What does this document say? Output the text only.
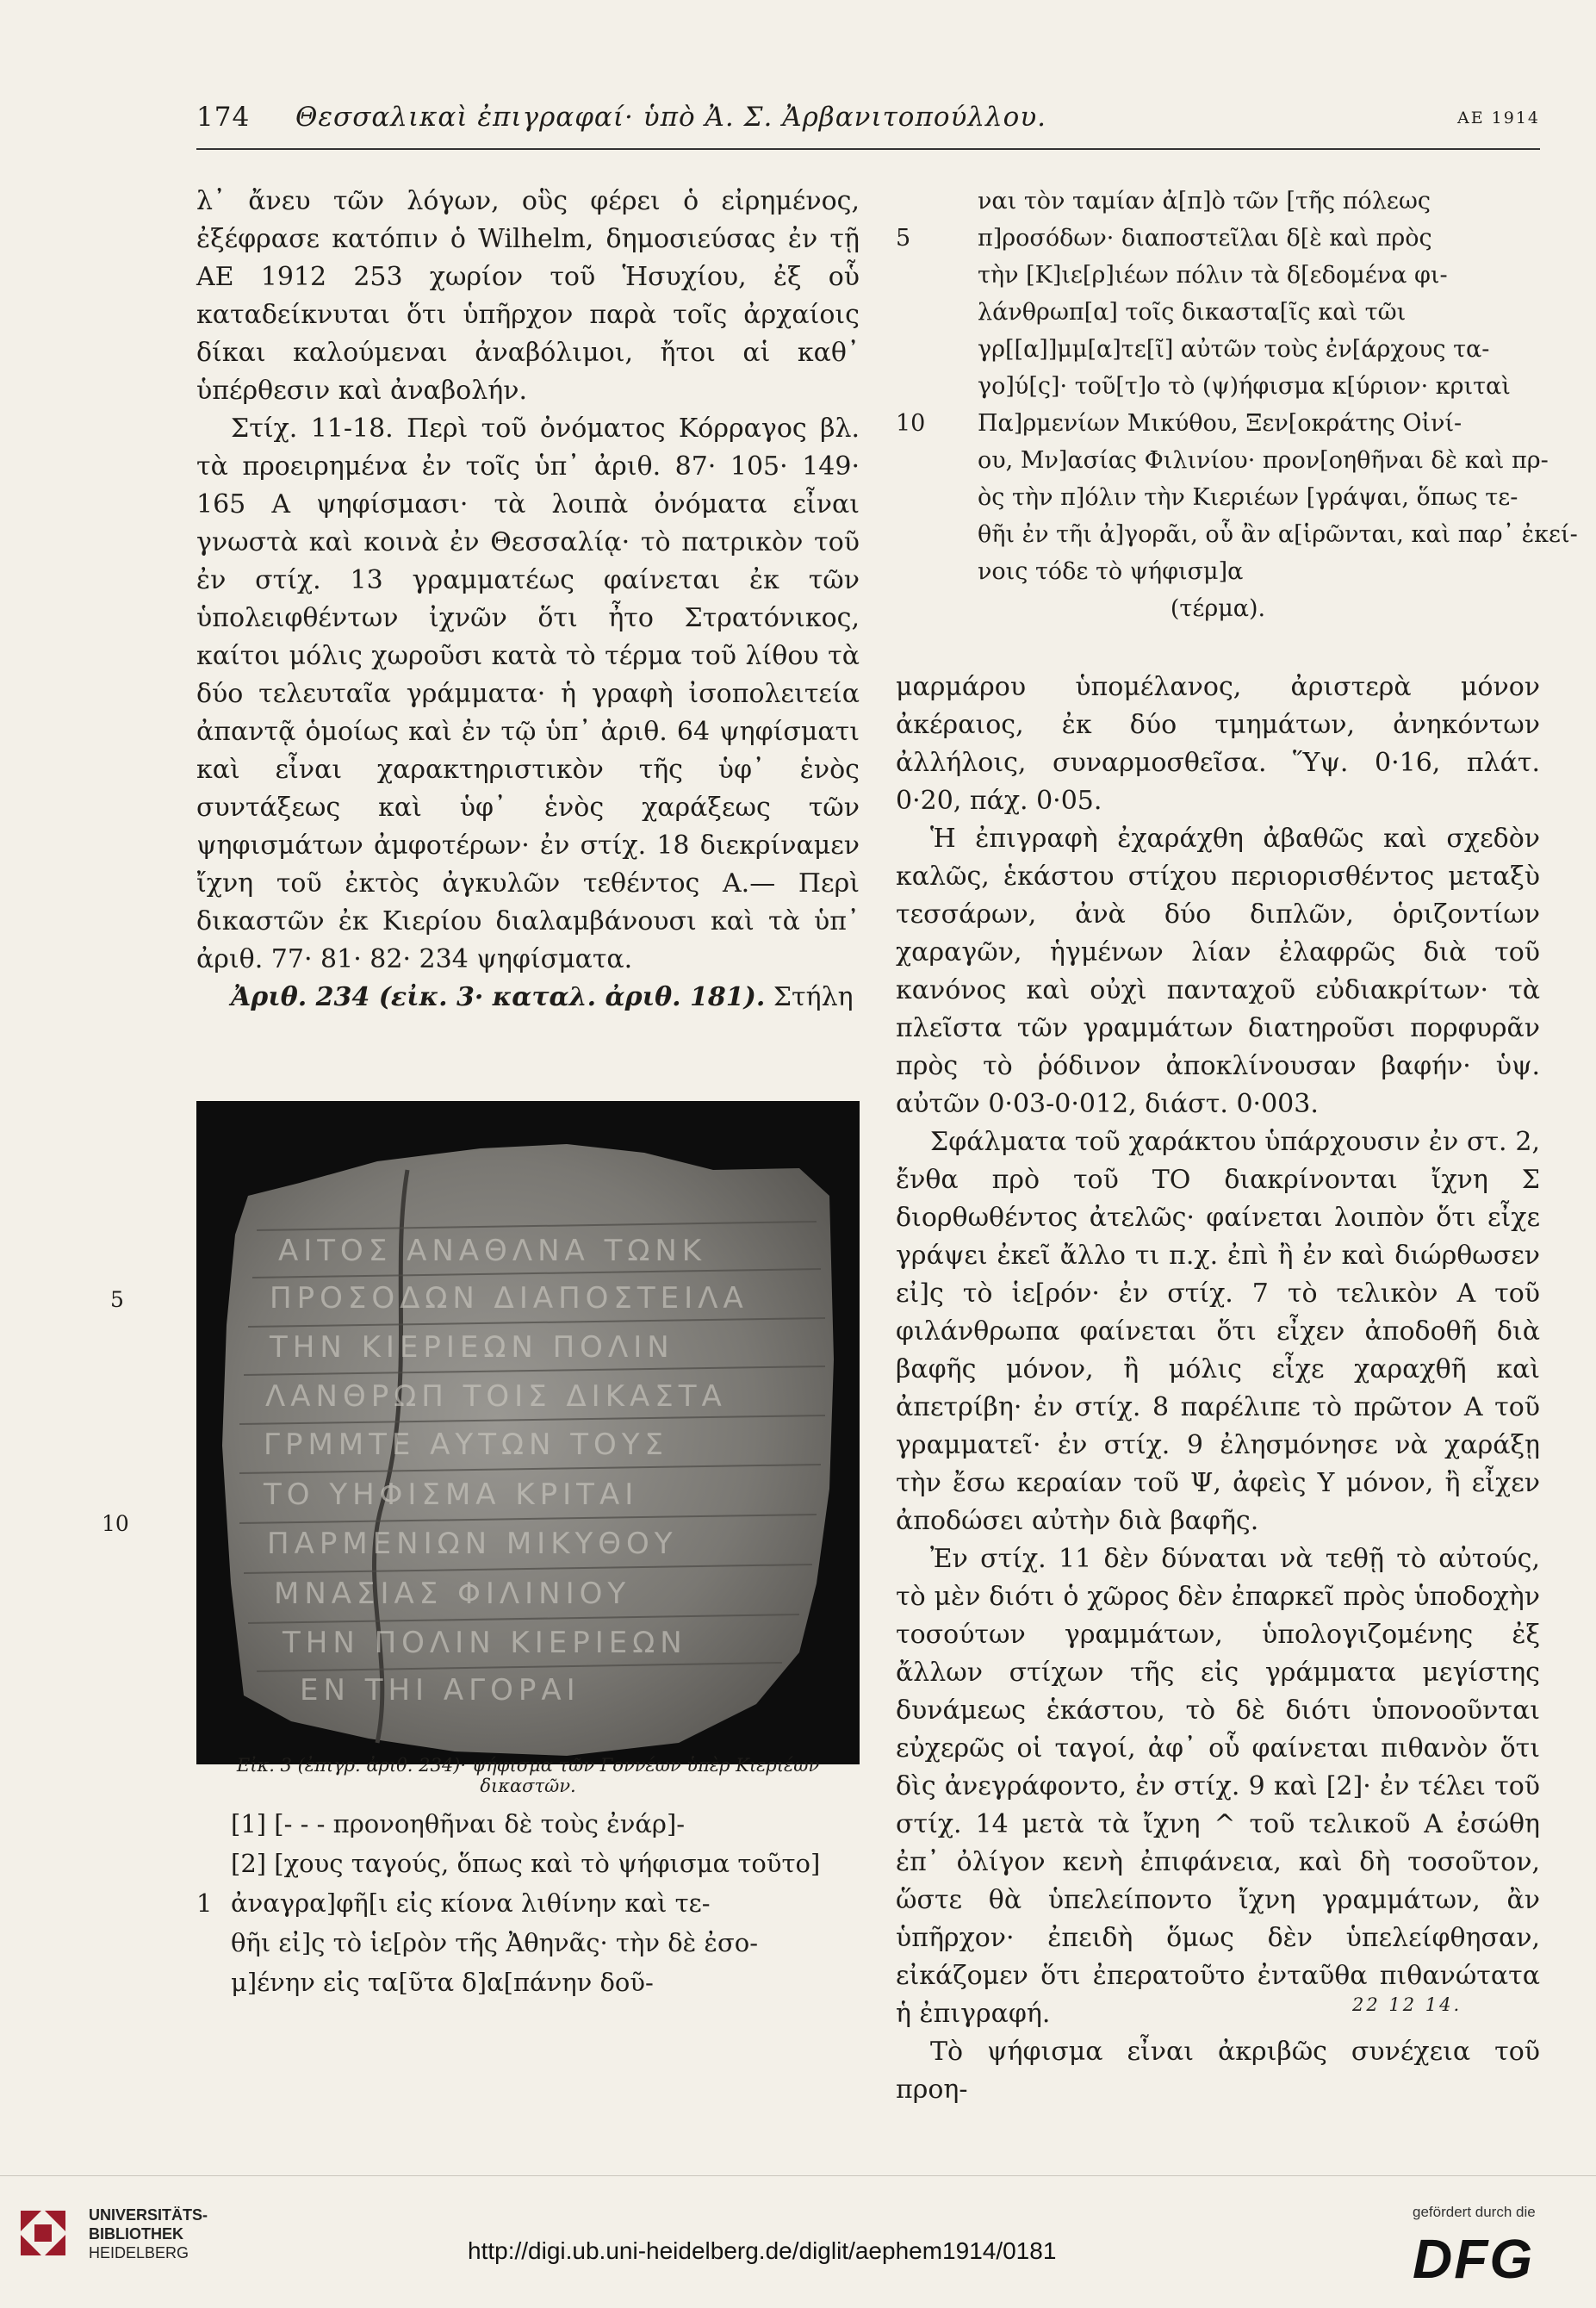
174 Θεσσαλικαὶ ἐπιγραφαί· ὑπὸ Ἀ. Σ. Ἀρβανιτοπούλλου.	ΑΕ 1914

λ᾽ ἄνευ τῶν λόγων, οὓς φέρει ὁ εἰρημένος, ἐξέφρασε κατόπιν ὁ Wilhelm, δημοσιεύσας ἐν τῇ ΑΕ 1912 253 χωρίον τοῦ Ἡσυχίου, ἐξ οὗ καταδείκνυται ὅτι ὑπῆρχον παρὰ τοῖς ἀρχαίοις δίκαι καλούμεναι ἀναβόλιμοι, ἤτοι αἱ καθ᾽ ὑπέρθεσιν καὶ ἀναβολήν.

Στίχ. 11-18. Περὶ τοῦ ὀνόματος Κόρραγος βλ. τὰ προειρημένα ἐν τοῖς ὑπ᾽ ἀριθ. 87· 105· 149· 165 Α ψηφίσμασι· τὰ λοιπὰ ὀνόματα εἶναι γνωστὰ καὶ κοινὰ ἐν Θεσσαλίᾳ· τὸ πατρικὸν τοῦ ἐν στίχ. 13 γραμματέως φαίνεται ἐκ τῶν ὑπολειφθέντων ἰχνῶν ὅτι ἦτο Στρατόνικος, καίτοι μόλις χωροῦσι κατὰ τὸ τέρμα τοῦ λίθου τὰ δύο τελευταῖα γράμματα· ἡ γραφὴ ἰσοπολειτεία ἀπαντᾷ ὁμοίως καὶ ἐν τῷ ὑπ᾽ ἀριθ. 64 ψηφίσματι καὶ εἶναι χαρακτηριστικὸν τῆς ὑφ᾽ ἑνὸς συντάξεως καὶ ὑφ᾽ ἑνὸς χαράξεως τῶν ψηφισμάτων ἀμφοτέρων· ἐν στίχ. 18 διεκρίναμεν ἴχνη τοῦ ἐκτὸς ἀγκυλῶν τεθέντος Α.— Περὶ δικαστῶν ἐκ Κιερίου διαλαμβάνουσι καὶ τὰ ὑπ᾽ ἀριθ. 77· 81· 82· 234 ψηφίσματα.

Ἀριθ. 234 (εἰκ. 3· καταλ. ἀριθ. 181). Στήλη

ναι τὸν ταμίαν ἀ[π]ὸ τῶν [τῆς πόλεως
5	π]ροσόδων· διαποστεῖλαι δ[ὲ καὶ πρὸς
τὴν [Κ]ιε[ρ]ιέων πόλιν τὰ δ[εδομένα φι-
λάνθρωπ[α] τοῖς δικαστα[ῖς καὶ τῶι
γρ[[α]]μμ[α]τε[ῖ] αὐτῶν τοὺς ἐν[άρχους τα-
γο]ύ[ς]· τοῦ[τ]ο τὸ (ψ)ήφισμα κ[ύριον· κριταὶ
10 Πα]ρμενίων Μικύθου, Ξεν[οκράτης Οἰνί-
ου, Μν]ασίας Φιλινίου· προν[οηθῆναι δὲ καὶ πρ-
ὸς τὴν π]όλιν τὴν Κιεριέων [γράψαι, ὅπως τε-
θῆι ἐν τῆι ἀ]γορᾶι, οὗ ἂν α[ἱρῶνται, καὶ παρ᾽ ἐκεί-
νοις τόδε τὸ ψήφισμ]α
(τέρμα).

μαρμάρου ὑπομέλανος, ἀριστερὰ μόνον ἀκέραιος, ἐκ δύο τμημάτων, ἀνηκόντων ἀλλήλοις, συναρμοσθεῖσα. Ὕψ. 0·16, πλάτ. 0·20, πάχ. 0·05.

Ἡ ἐπιγραφὴ ἐχαράχθη ἀβαθῶς καὶ σχεδὸν καλῶς, ἑκάστου στίχου περιορισθέντος μεταξὺ τεσσάρων, ἀνὰ δύο διπλῶν, ὁριζοντίων χαραγῶν, ἡγμένων λίαν ἐλαφρῶς διὰ τοῦ κανόνος καὶ οὐχὶ πανταχοῦ εὐδιακρίτων· τὰ πλεῖστα τῶν γραμμάτων διατηροῦσι πορφυρᾶν πρὸς τὸ ῥόδινον ἀποκλίνουσαν βαφήν· ὑψ. αὐτῶν 0·03-0·012, διάστ. 0·003.

Σφάλματα τοῦ χαράκτου ὑπάρχουσιν ἐν στ. 2, ἔνθα πρὸ τοῦ ΤΟ διακρίνονται ἴχνη Σ διορθωθέντος ἀτελῶς· φαίνεται λοιπὸν ὅτι εἶχε γράψει ἐκεῖ ἄλλο τι π.χ. ἐπὶ ἢ ἐν καὶ διώρθωσεν εἰ]ς τὸ ἱε[ρόν· ἐν στίχ. 7 τὸ τελικὸν Α τοῦ φιλάνθρωπα φαίνεται ὅτι εἶχεν ἀποδοθῆ διὰ βαφῆς μόνον, ἢ μόλις εἶχε χαραχθῆ καὶ ἀπετρίβη· ἐν στίχ. 8 παρέλιπε τὸ πρῶτον Α τοῦ γραμματεῖ· ἐν στίχ. 9 ἐλησμόνησε νὰ χαράξῃ τὴν ἔσω κεραίαν τοῦ Ψ, ἀφεὶς Υ μόνον, ἢ εἶχεν ἀποδώσει αὐτὴν διὰ βαφῆς.

Ἐν στίχ. 11 δὲν δύναται νὰ τεθῇ τὸ αὐτούς, τὸ μὲν διότι ὁ χῶρος δὲν ἐπαρκεῖ πρὸς ὑποδοχὴν τοσούτων γραμμάτων, ὑπολογιζομένης ἐξ ἄλλων στίχων τῆς εἰς γράμματα μεγίστης δυνάμεως ἑκάστου, τὸ δὲ διότι ὑπονοοῦνται εὐχερῶς οἱ ταγοί, ἀφ᾽ οὗ φαίνεται πιθανὸν ὅτι δὶς ἀνεγράφοντο, ἐν στίχ. 9 καὶ [2]· ἐν τέλει τοῦ στίχ. 14 μετὰ τὰ ἴχνη ^ τοῦ τελικοῦ Α ἐσώθη ἐπ᾽ ὀλίγον κενὴ ἐπιφάνεια, καὶ δὴ τοσοῦτον, ὥστε θὰ ὑπελείποντο ἴχνη γραμμάτων, ἂν ὑπῆρχον· ἐπειδὴ ὅμως δὲν ὑπελείφθησαν, εἰκάζομεν ὅτι ἐπερατοῦτο ἐνταῦθα πιθανώτατα ἡ ἐπιγραφή.

Τὸ ψήφισμα εἶναι ἀκριβῶς συνέχεια τοῦ προη-

ΑΙΤΟΣ ΑΝΑΘΛΝΑ ΤΩΝΚ
ΠΡΟΣΟΔΩΝ ΔΙΑΠΟΣΤΕΙΛΑ
ΤΗΝ ΚΙΕΡΙΕΩΝ ΠΟΛΙΝ
ΛΑΝΘΡΩΠ ΤΟΙΣ ΔΙΚΑΣΤΑ
ΓΡΜΜΤΕ ΑΥΤΩΝ ΤΟΥΣ
ΤΟ ΥΗΦΙΣΜΑ ΚΡΙΤΑΙ
ΠΑΡΜΕΝΙΩΝ ΜΙΚΥΘΟΥ
ΜΝΑΣΙΑΣ ΦΙΛΙΝΙΟΥ
ΤΗΝ ΠΟΛΙΝ ΚΙΕΡΙΕΩΝ
ΕΝ ΤΗΙ ΑΓΟΡΑΙ
5
10
Εἰκ. 3 (ἐπιγρ. ἀριθ. 234)· ψήφισμα τῶν Γοννέων ὑπὲρ Κιεριέων δικαστῶν.
[1] [- - - προνοηθῆναι δὲ τοὺς ἐνάρ]-
[2] [χους ταγούς, ὅπως καὶ τὸ ψήφισμα τοῦτο]
1 ἀναγρα]φῆ[ι εἰς κίονα λιθίνην καὶ τε-
θῆι εἰ]ς τὸ ἱε[ρὸν τῆς Ἀθηνᾶς· τὴν δὲ ἐσο-
μ]ένην εἰς τα[ῦτα δ]α[πάνην δοῦ-
22 12 14.
UNIVERSITÄTS-
BIBLIOTHEK
HEIDELBERG	http://digi.ub.uni-heidelberg.de/diglit/aephem1914/0181
gefördert durch die
DFG
